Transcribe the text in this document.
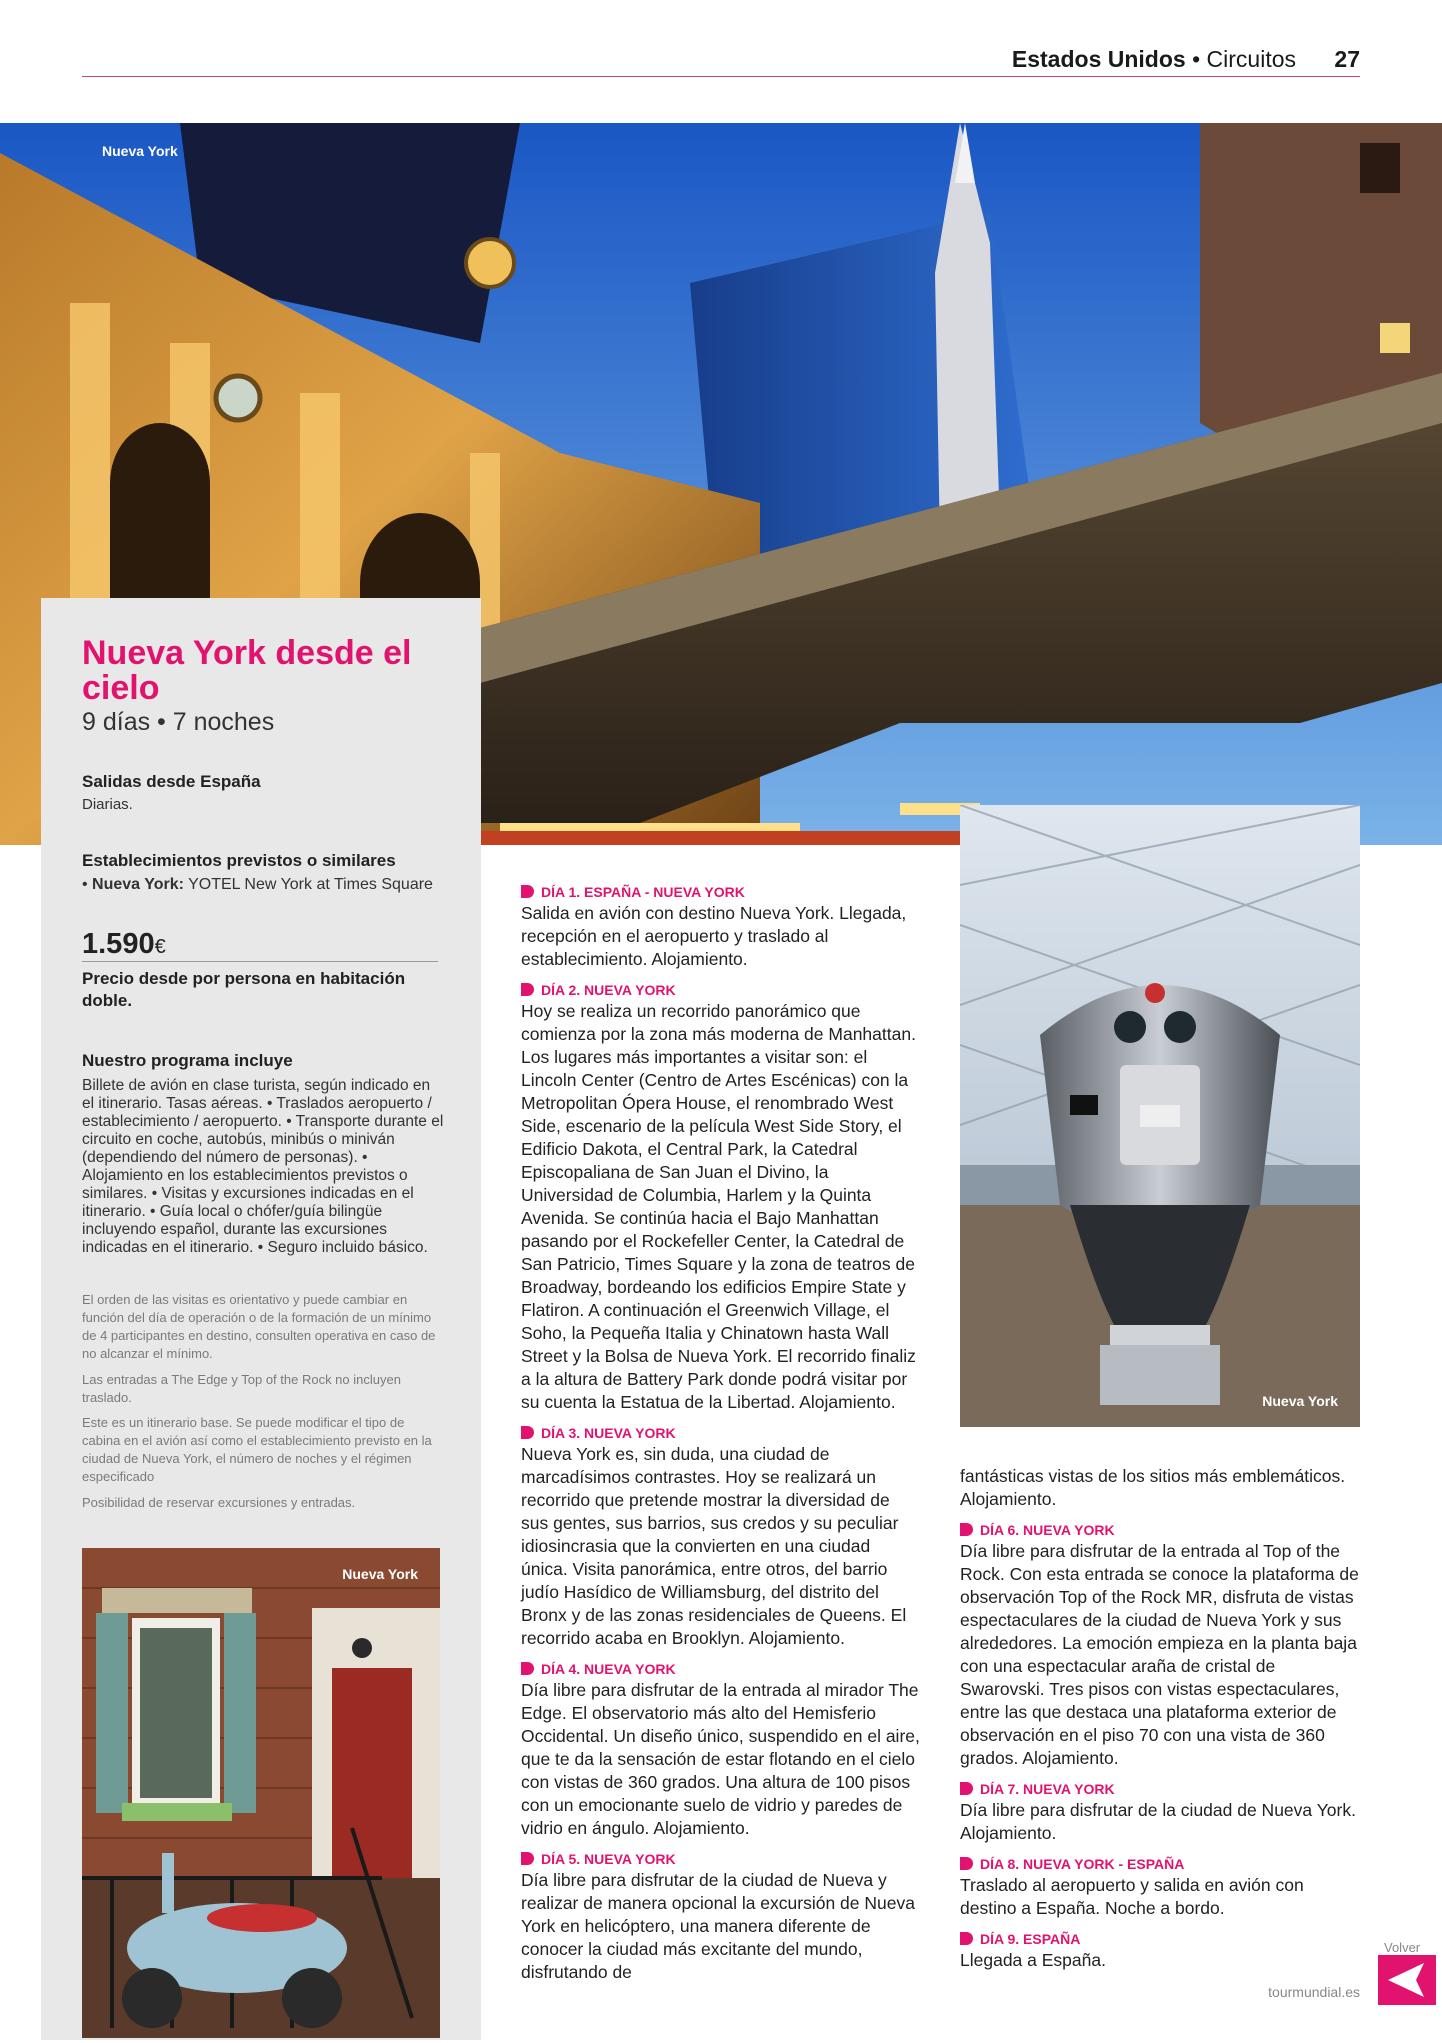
Estados Unidos • Circuitos 27
Nueva York
Nueva York desde el cielo
9 días • 7 noches
Salidas desde España
Diarias.
Establecimientos previstos o similares
• Nueva York: YOTEL New York at Times Square
1.590€
Precio desde por persona en habitación doble.
Nuestro programa incluye
Billete de avión en clase turista, según indicado en el itinerario. Tasas aéreas. • Traslados aeropuerto / establecimiento / aeropuerto. • Transporte durante el circuito en coche, autobús, minibús o miniván (dependiendo del número de personas). • Alojamiento en los establecimientos previstos o similares. • Visitas y excursiones indicadas en el itinerario. • Guía local o chófer/guía bilingüe incluyendo español, durante las excursiones indicadas en el itinerario. • Seguro incluido básico.
El orden de las visitas es orientativo y puede cambiar en función del día de operación o de la formación de un mínimo de 4 participantes en destino, consulten operativa en caso de no alcanzar el mínimo.
Las entradas a The Edge y Top of the Rock no incluyen traslado.
Este es un itinerario base. Se puede modificar el tipo de cabina en el avión así como el establecimiento previsto en la ciudad de Nueva York, el número de noches y el régimen especificado
Posibilidad de reservar excursiones y entradas.
Nueva York
Nueva York
DÍA 1. ESPAÑA - NUEVA YORK

Salida en avión con destino Nueva York. Llegada, recepción en el aeropuerto y traslado al establecimiento. Alojamiento.

DÍA 2. NUEVA YORK

Hoy se realiza un recorrido panorámico que comienza por la zona más moderna de Manhattan. Los lugares más importantes a visitar son: el Lincoln Center (Centro de Artes Escénicas) con la Metropolitan Ópera House, el renombrado West Side, escenario de la película West Side Story, el Edificio Dakota, el Central Park, la Catedral Episcopaliana de San Juan el Divino, la Universidad de Columbia, Harlem y la Quinta Avenida. Se continúa hacia el Bajo Manhattan pasando por el Rockefeller Center, la Catedral de San Patricio, Times Square y la zona de teatros de Broadway, bordeando los edificios Empire State y Flatiron. A continuación el Greenwich Village, el Soho, la Pequeña Italia y Chinatown hasta Wall Street y la Bolsa de Nueva York. El recorrido finaliz a la altura de Battery Park donde podrá visitar por su cuenta la Estatua de la Libertad. Alojamiento.

DÍA 3. NUEVA YORK

Nueva York es, sin duda, una ciudad de marcadísimos contrastes. Hoy se realizará un recorrido que pretende mostrar la diversidad de sus gentes, sus barrios, sus credos y su peculiar idiosincrasia que la convierten en una ciudad única. Visita panorámica, entre otros, del barrio judío Hasídico de Williamsburg, del distrito del Bronx y de las zonas residenciales de Queens. El recorrido acaba en Brooklyn. Alojamiento.

DÍA 4. NUEVA YORK

Día libre para disfrutar de la entrada al mirador The Edge. El observatorio más alto del Hemisferio Occidental. Un diseño único, suspendido en el aire, que te da la sensación de estar flotando en el cielo con vistas de 360 grados. Una altura de 100 pisos con un emocionante suelo de vidrio y paredes de vidrio en ángulo. Alojamiento.

DÍA 5. NUEVA YORK

Día libre para disfrutar de la ciudad de Nueva y realizar de manera opcional la excursión de Nueva York en helicóptero, una manera diferente de conocer la ciudad más excitante del mundo, disfrutando de

fantásticas vistas de los sitios más emblemáticos. Alojamiento.

DÍA 6. NUEVA YORK

Día libre para disfrutar de la entrada al Top of the Rock. Con esta entrada se conoce la plataforma de observación Top of the Rock MR, disfruta de vistas espectaculares de la ciudad de Nueva York y sus alrededores. La emoción empieza en la planta baja con una espectacular araña de cristal de Swarovski. Tres pisos con vistas espectaculares, entre las que destaca una plataforma exterior de observación en el piso 70 con una vista de 360 grados. Alojamiento.

DÍA 7. NUEVA YORK

Día libre para disfrutar de la ciudad de Nueva York. Alojamiento.

DÍA 8. NUEVA YORK - ESPAÑA

Traslado al aeropuerto y salida en avión con destino a España. Noche a bordo.

DÍA 9. ESPAÑA

Llegada a España.

tourmundial.es
Volver
